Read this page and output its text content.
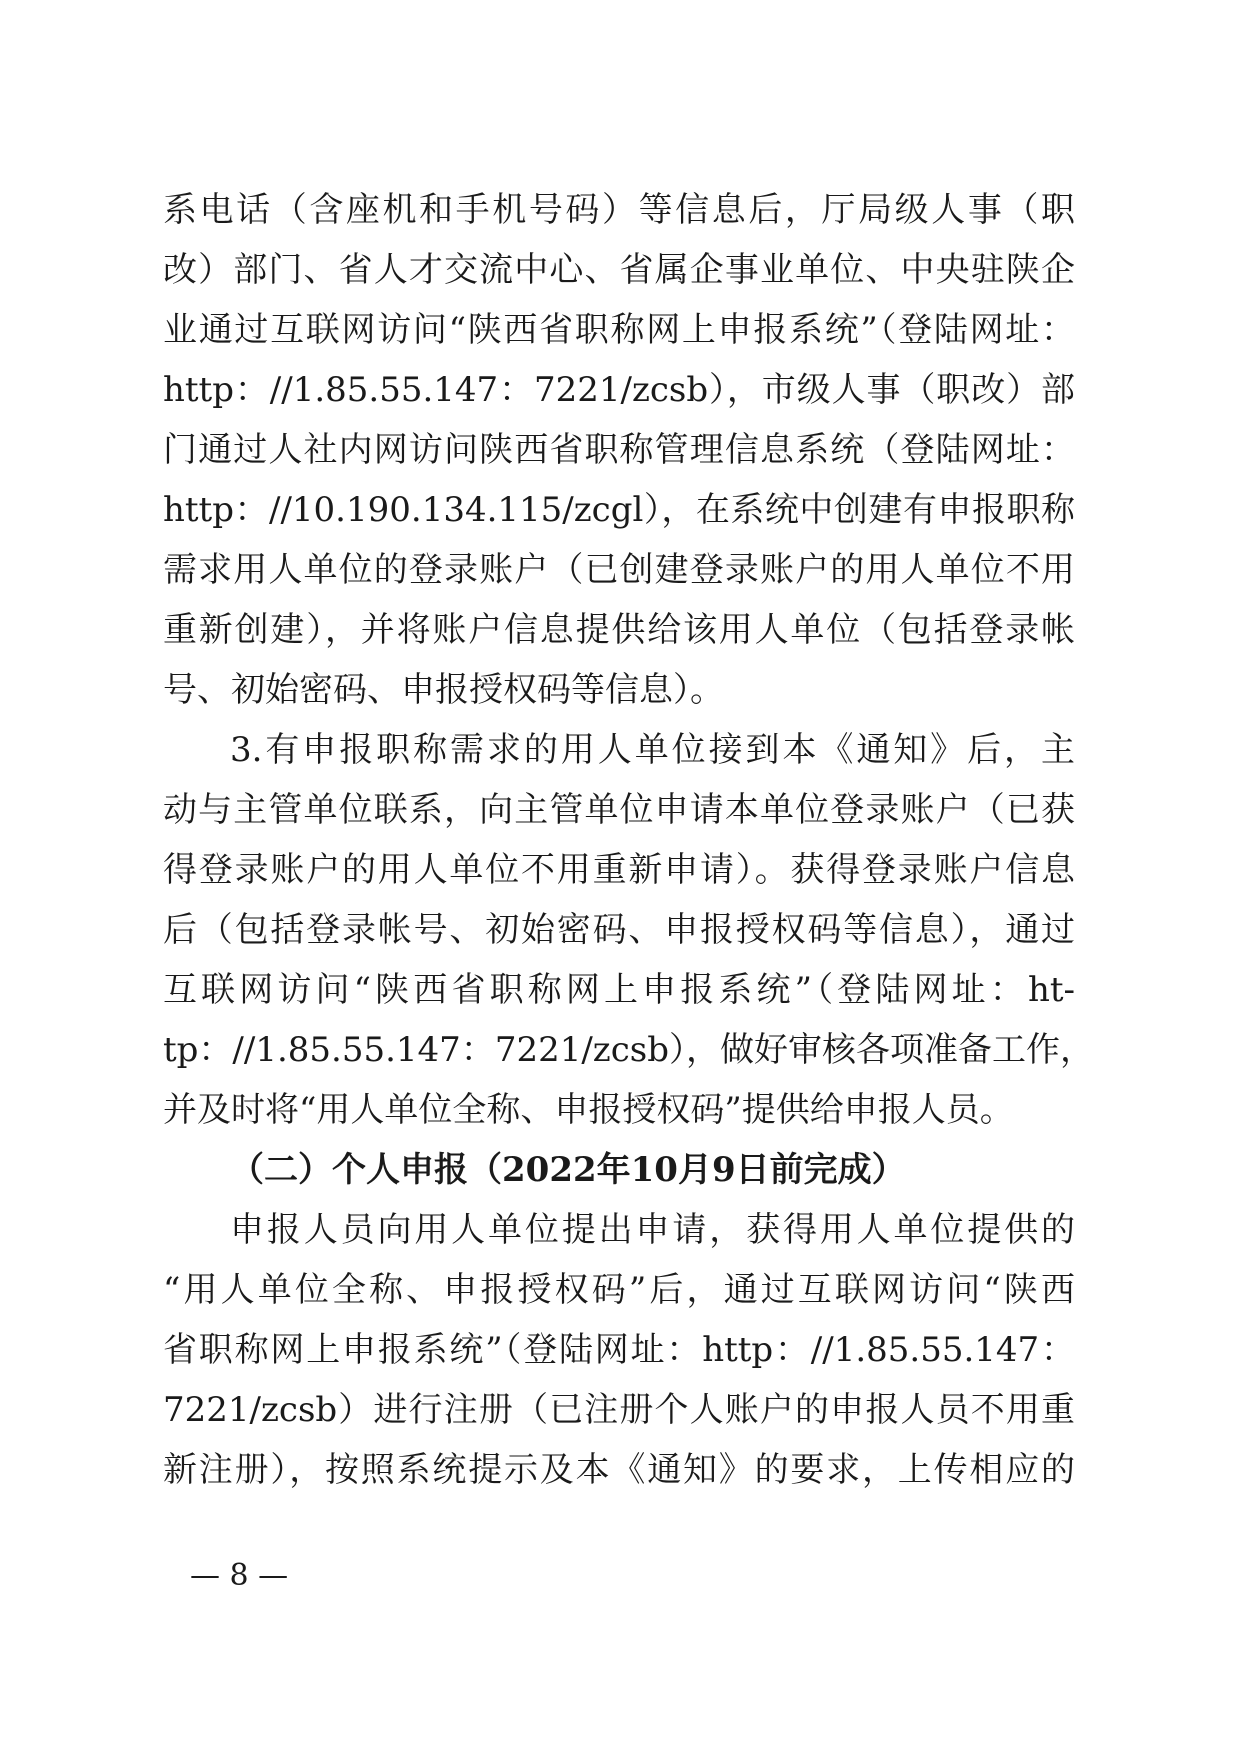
系电话（含座机和手机号码）等信息后，厅局级人事（职
改）部门、省人才交流中心、省属企事业单位、中央驻陕企
业通过互联网访问“陕西省职称网上申报系统”（登陆网址：
http：//1.85.55.147：7221/zcsb），市级人事（职改）部
门通过人社内网访问陕西省职称管理信息系统（登陆网址：
http：//10.190.134.115/zcgl），在系统中创建有申报职称
需求用人单位的登录账户（已创建登录账户的用人单位不用
重新创建），并将账户信息提供给该用人单位（包括登录帐
号、初始密码、申报授权码等信息）。
3.有申报职称需求的用人单位接到本《通知》后，主
动与主管单位联系，向主管单位申请本单位登录账户（已获
得登录账户的用人单位不用重新申请）。获得登录账户信息
后（包括登录帐号、初始密码、申报授权码等信息），通过
互联网访问“陕西省职称网上申报系统”（登陆网址：ht-
tp：//1.85.55.147：7221/zcsb），做好审核各项准备工作，
并及时将“用人单位全称、申报授权码”提供给申报人员。
（二）个人申报（2022年10月9日前完成）
申报人员向用人单位提出申请，获得用人单位提供的
“用人单位全称、申报授权码”后，通过互联网访问“陕西
省职称网上申报系统”（登陆网址：http：//1.85.55.147：
7221/zcsb）进行注册（已注册个人账户的申报人员不用重
新注册），按照系统提示及本《通知》的要求，上传相应的
— 8 —
